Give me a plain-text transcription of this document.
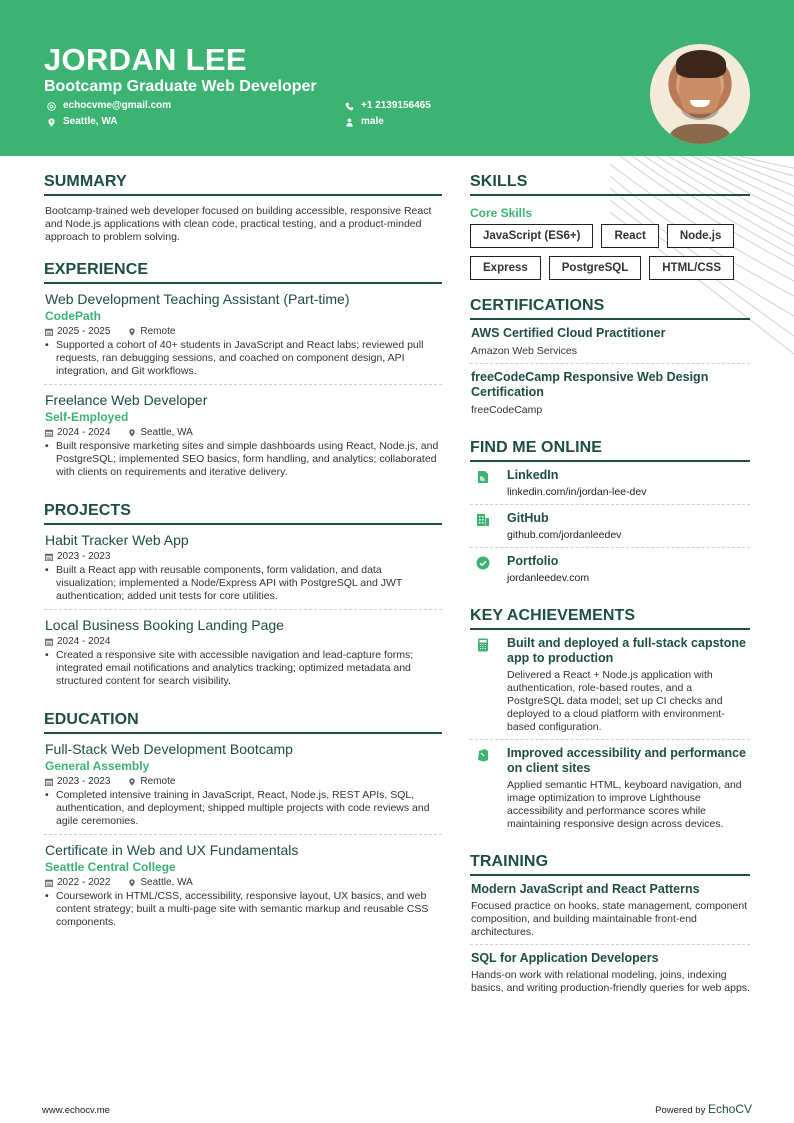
JORDAN LEE
Bootcamp Graduate Web Developer
echocvme@gmail.com
Seattle, WA
+1 2139156465
male
SUMMARY
Bootcamp-trained web developer focused on building accessible, responsive React and Node.js applications with clean code, practical testing, and a product-minded approach to problem solving.
EXPERIENCE
Web Development Teaching Assistant (Part-time)
CodePath
2025 - 2025	Remote
• Supported a cohort of 40+ students in JavaScript and React labs; reviewed pull requests, ran debugging sessions, and coached on component design, API integration, and Git workflows.
Freelance Web Developer
Self-Employed
2024 - 2024	Seattle, WA
• Built responsive marketing sites and simple dashboards using React, Node.js, and PostgreSQL; implemented SEO basics, form handling, and analytics; collaborated with clients on requirements and iterative delivery.
PROJECTS
Habit Tracker Web App
2023 - 2023
• Built a React app with reusable components, form validation, and data visualization; implemented a Node/Express API with PostgreSQL and JWT authentication; added unit tests for core utilities.
Local Business Booking Landing Page
2024 - 2024
• Created a responsive site with accessible navigation and lead-capture forms; integrated email notifications and analytics tracking; optimized metadata and structured content for search visibility.
EDUCATION
Full-Stack Web Development Bootcamp
General Assembly
2023 - 2023	Remote
• Completed intensive training in JavaScript, React, Node.js, REST APIs, SQL, authentication, and deployment; shipped multiple projects with code reviews and agile ceremonies.
Certificate in Web and UX Fundamentals
Seattle Central College
2022 - 2022	Seattle, WA
• Coursework in HTML/CSS, accessibility, responsive layout, UX basics, and web content strategy; built a multi-page site with semantic markup and reusable CSS components.
SKILLS
Core Skills
JavaScript (ES6+)	React	Node.js
Express	PostgreSQL	HTML/CSS
CERTIFICATIONS
AWS Certified Cloud Practitioner
Amazon Web Services
freeCodeCamp Responsive Web Design Certification
freeCodeCamp
FIND ME ONLINE
LinkedIn
linkedin.com/in/jordan-lee-dev
GitHub
github.com/jordanleedev
Portfolio
jordanleedev.com
KEY ACHIEVEMENTS
Built and deployed a full-stack capstone app to production
Delivered a React + Node.js application with authentication, role-based routes, and a PostgreSQL data model; set up CI checks and deployed to a cloud platform with environment-based configuration.
Improved accessibility and performance on client sites
Applied semantic HTML, keyboard navigation, and image optimization to improve Lighthouse accessibility and performance scores while maintaining responsive design across devices.
TRAINING
Modern JavaScript and React Patterns
Focused practice on hooks, state management, component composition, and building maintainable front-end architectures.
SQL for Application Developers
Hands-on work with relational modeling, joins, indexing basics, and writing production-friendly queries for web apps.
www.echocv.me	Powered by EchoCV
